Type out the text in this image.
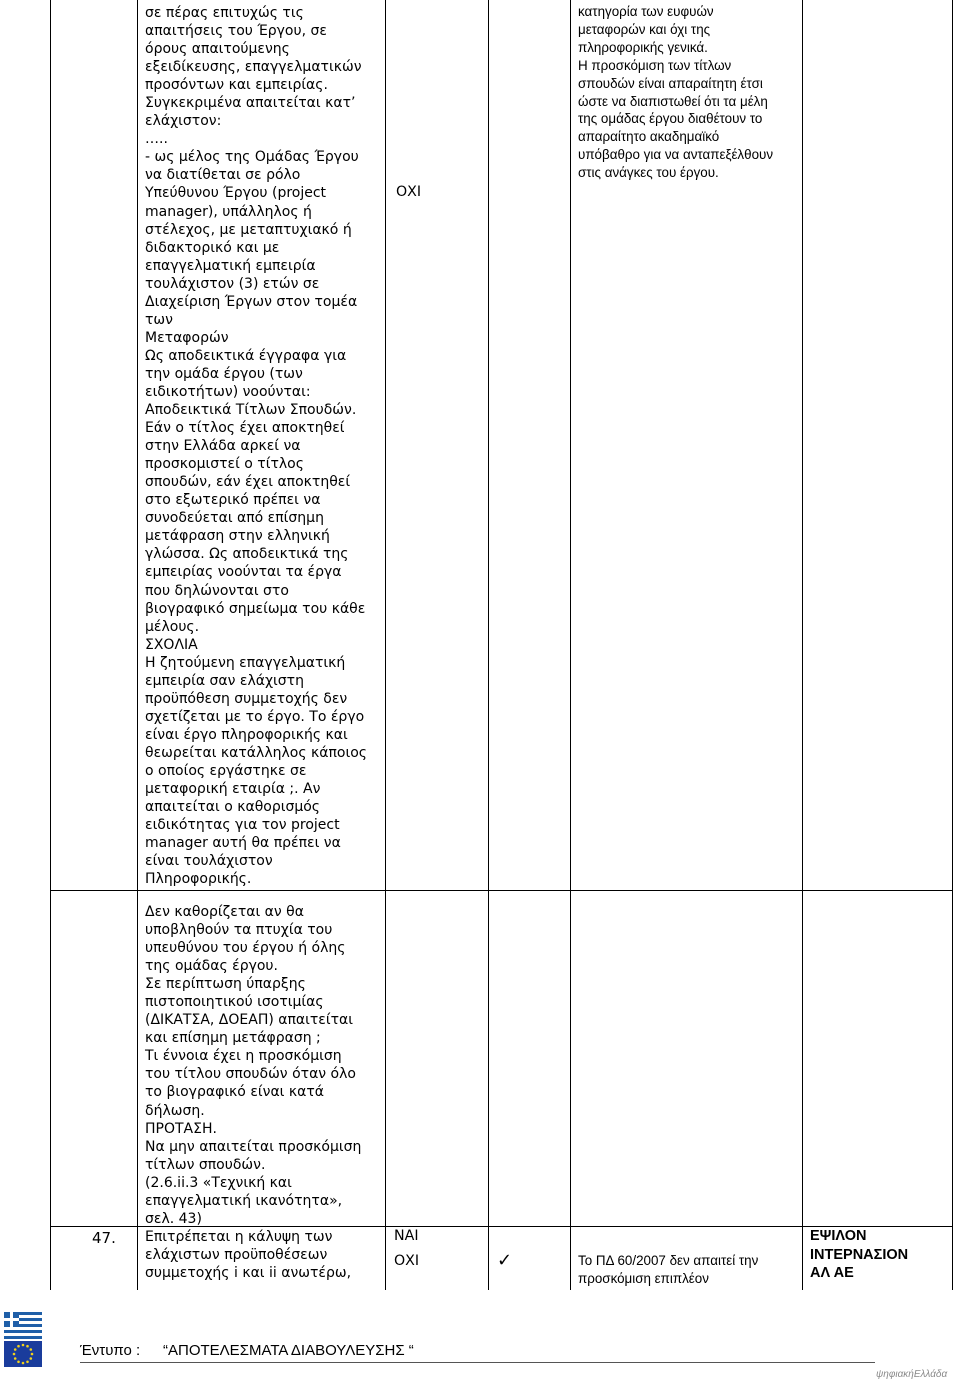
σε πέρας επιτυχώς τις
απαιτήσεις του Έργου, σε
όρους απαιτούμενης
εξειδίκευσης, επαγγελματικών
προσόντων και εμπειρίας.
Συγκεκριμένα απαιτείται κατ’
ελάχιστον:
…..
- ως μέλος της Ομάδας Έργου
να διατίθεται σε ρόλο
Υπεύθυνου Έργου (project
manager), υπάλληλος ή
στέλεχος, με μεταπτυχιακό ή
διδακτορικό και με
επαγγελματική εμπειρία
τουλάχιστον (3) ετών σε
Διαχείριση Έργων στον τομέα
των
Μεταφορών
Ως αποδεικτικά έγγραφα για
την ομάδα έργου (των
ειδικοτήτων) νοούνται:
Αποδεικτικά Τίτλων Σπουδών.
Εάν ο τίτλος έχει αποκτηθεί
στην Ελλάδα αρκεί να
προσκομιστεί ο τίτλος
σπουδών, εάν έχει αποκτηθεί
στο εξωτερικό πρέπει να
συνοδεύεται από επίσημη
μετάφραση στην ελληνική
γλώσσα. Ως αποδεικτικά της
εμπειρίας νοούνται τα έργα
που δηλώνονται στο
βιογραφικό σημείωμα του κάθε
μέλους.
ΣΧΟΛΙΑ
Η ζητούμενη επαγγελματική
εμπειρία σαν ελάχιστη
προϋπόθεση συμμετοχής δεν
σχετίζεται με το έργο. Το έργο
είναι έργο πληροφορικής και
θεωρείται κατάλληλος κάποιος
ο οποίος εργάστηκε σε
μεταφορική εταιρία ;. Αν
απαιτείται ο καθορισμός
ειδικότητας για τον project
manager αυτή θα πρέπει να
είναι τουλάχιστον
Πληροφορικής.
ΟΧΙ
κατηγορία των ευφυών
μεταφορών και όχι της
πληροφορικής γενικά.
Η προσκόμιση των τίτλων
σπουδών είναι απαραίτητη έτσι
ώστε να διαπιστωθεί ότι τα μέλη
της ομάδας έργου διαθέτουν το
απαραίτητο ακαδημαϊκό
υπόβαθρο για να ανταπεξέλθουν
στις ανάγκες του έργου.
47.
Δεν καθορίζεται αν θα
υποβληθούν τα πτυχία του
υπευθύνου του έργου ή όλης
της ομάδας έργου.
Σε περίπτωση ύπαρξης
πιστοποιητικού ισοτιμίας
(ΔΙΚΑΤΣΑ, ΔΟΕΑΠ) απαιτείται
και επίσημη μετάφραση ;
Τι έννοια έχει η προσκόμιση
του τίτλου σπουδών όταν όλο
το βιογραφικό είναι κατά
δήλωση.
ΠΡΟΤΑΣΗ.
Να μην απαιτείται προσκόμιση
τίτλων σπουδών.
(2.6.ii.3 «Τεχνική και
επαγγελματική ικανότητα»,
σελ. 43)
Επιτρέπεται η κάλυψη των
ελάχιστων προϋποθέσεων
συμμετοχής i και ii ανωτέρω,
ΝΑΙ
ΟΧΙ	✓	Το ΠΔ 60/2007 δεν απαιτεί την
προσκόμιση επιπλέον
ΕΨΙΛΟΝ
ΙΝΤΕΡΝΑΣΙΟΝ
ΑΛ ΑΕ
Έντυπο : “ΑΠΟΤΕΛΕΣΜΑΤΑ ΔΙΑΒΟΥΛΕΥΣΗΣ “
ψηφιακήΕλλάδα
